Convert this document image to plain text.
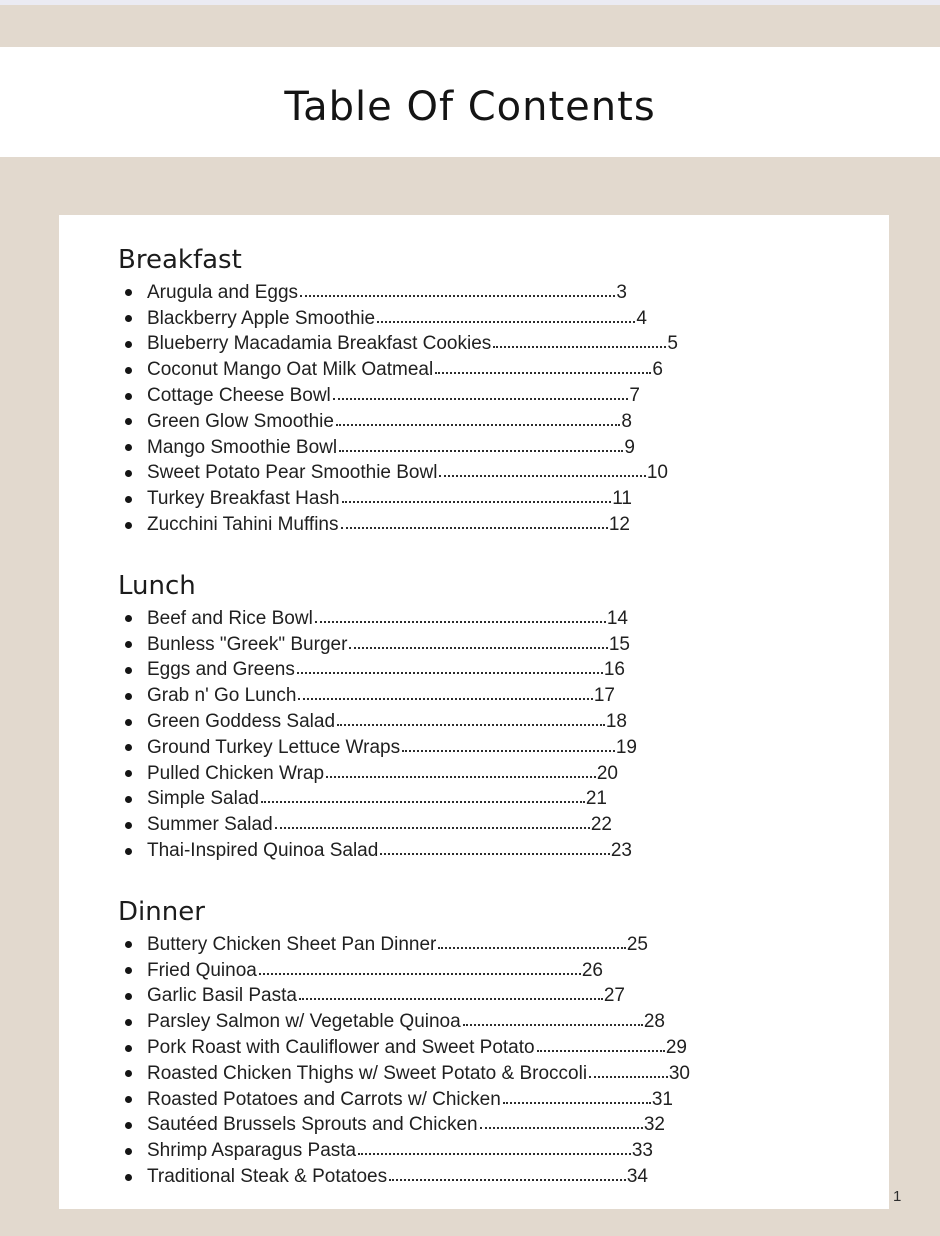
Table Of Contents
Breakfast
Arugula and Eggs	3
Blackberry Apple Smoothie	4
Blueberry Macadamia Breakfast Cookies	5
Coconut Mango Oat Milk Oatmeal	6
Cottage Cheese Bowl	7
Green Glow Smoothie	8
Mango Smoothie Bowl	9
Sweet Potato Pear Smoothie Bowl	10
Turkey Breakfast Hash	11
Zucchini Tahini Muffins	12
Lunch
Beef and Rice Bowl	14
Bunless "Greek" Burger	15
Eggs and Greens	16
Grab n' Go Lunch	17
Green Goddess Salad	18
Ground Turkey Lettuce Wraps	19
Pulled Chicken Wrap	20
Simple Salad	21
Summer Salad	22
Thai-Inspired Quinoa Salad	23
Dinner
Buttery Chicken Sheet Pan Dinner	25
Fried Quinoa	26
Garlic Basil Pasta	27
Parsley Salmon w/ Vegetable Quinoa	28
Pork Roast with Cauliflower and Sweet Potato	29
Roasted Chicken Thighs w/ Sweet Potato & Broccoli	30
Roasted Potatoes and Carrots w/ Chicken	31
Sautéed Brussels Sprouts and Chicken	32
Shrimp Asparagus Pasta	33
Traditional Steak & Potatoes	34
1
